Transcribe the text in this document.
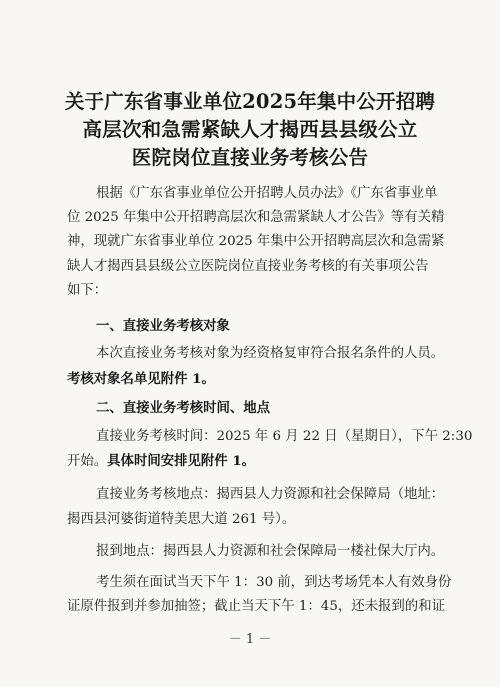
关于广东省事业单位2025年集中公开招聘
高层次和急需紧缺人才揭西县县级公立
医院岗位直接业务考核公告
根据《广东省事业单位公开招聘人员办法》《广东省事业单
位 2025 年集中公开招聘高层次和急需紧缺人才公告》等有关精
神，现就广东省事业单位 2025 年集中公开招聘高层次和急需紧
缺人才揭西县县级公立医院岗位直接业务考核的有关事项公告
如下：
一、直接业务考核对象
本次直接业务考核对象为经资格复审符合报名条件的人员。
考核对象名单见附件 1。
二、直接业务考核时间、地点
直接业务考核时间：2025 年 6 月 22 日（星期日），下午 2:30
开始。具体时间安排见附件 1。
直接业务考核地点：揭西县人力资源和社会保障局（地址：
揭西县河婆街道特美思大道 261 号）。
报到地点：揭西县人力资源和社会保障局一楼社保大厅内。
考生须在面试当天下午 1：30 前，到达考场凭本人有效身份
证原件报到并参加抽签；截止当天下午 1：45，还未报到的和证
－ 1 －
